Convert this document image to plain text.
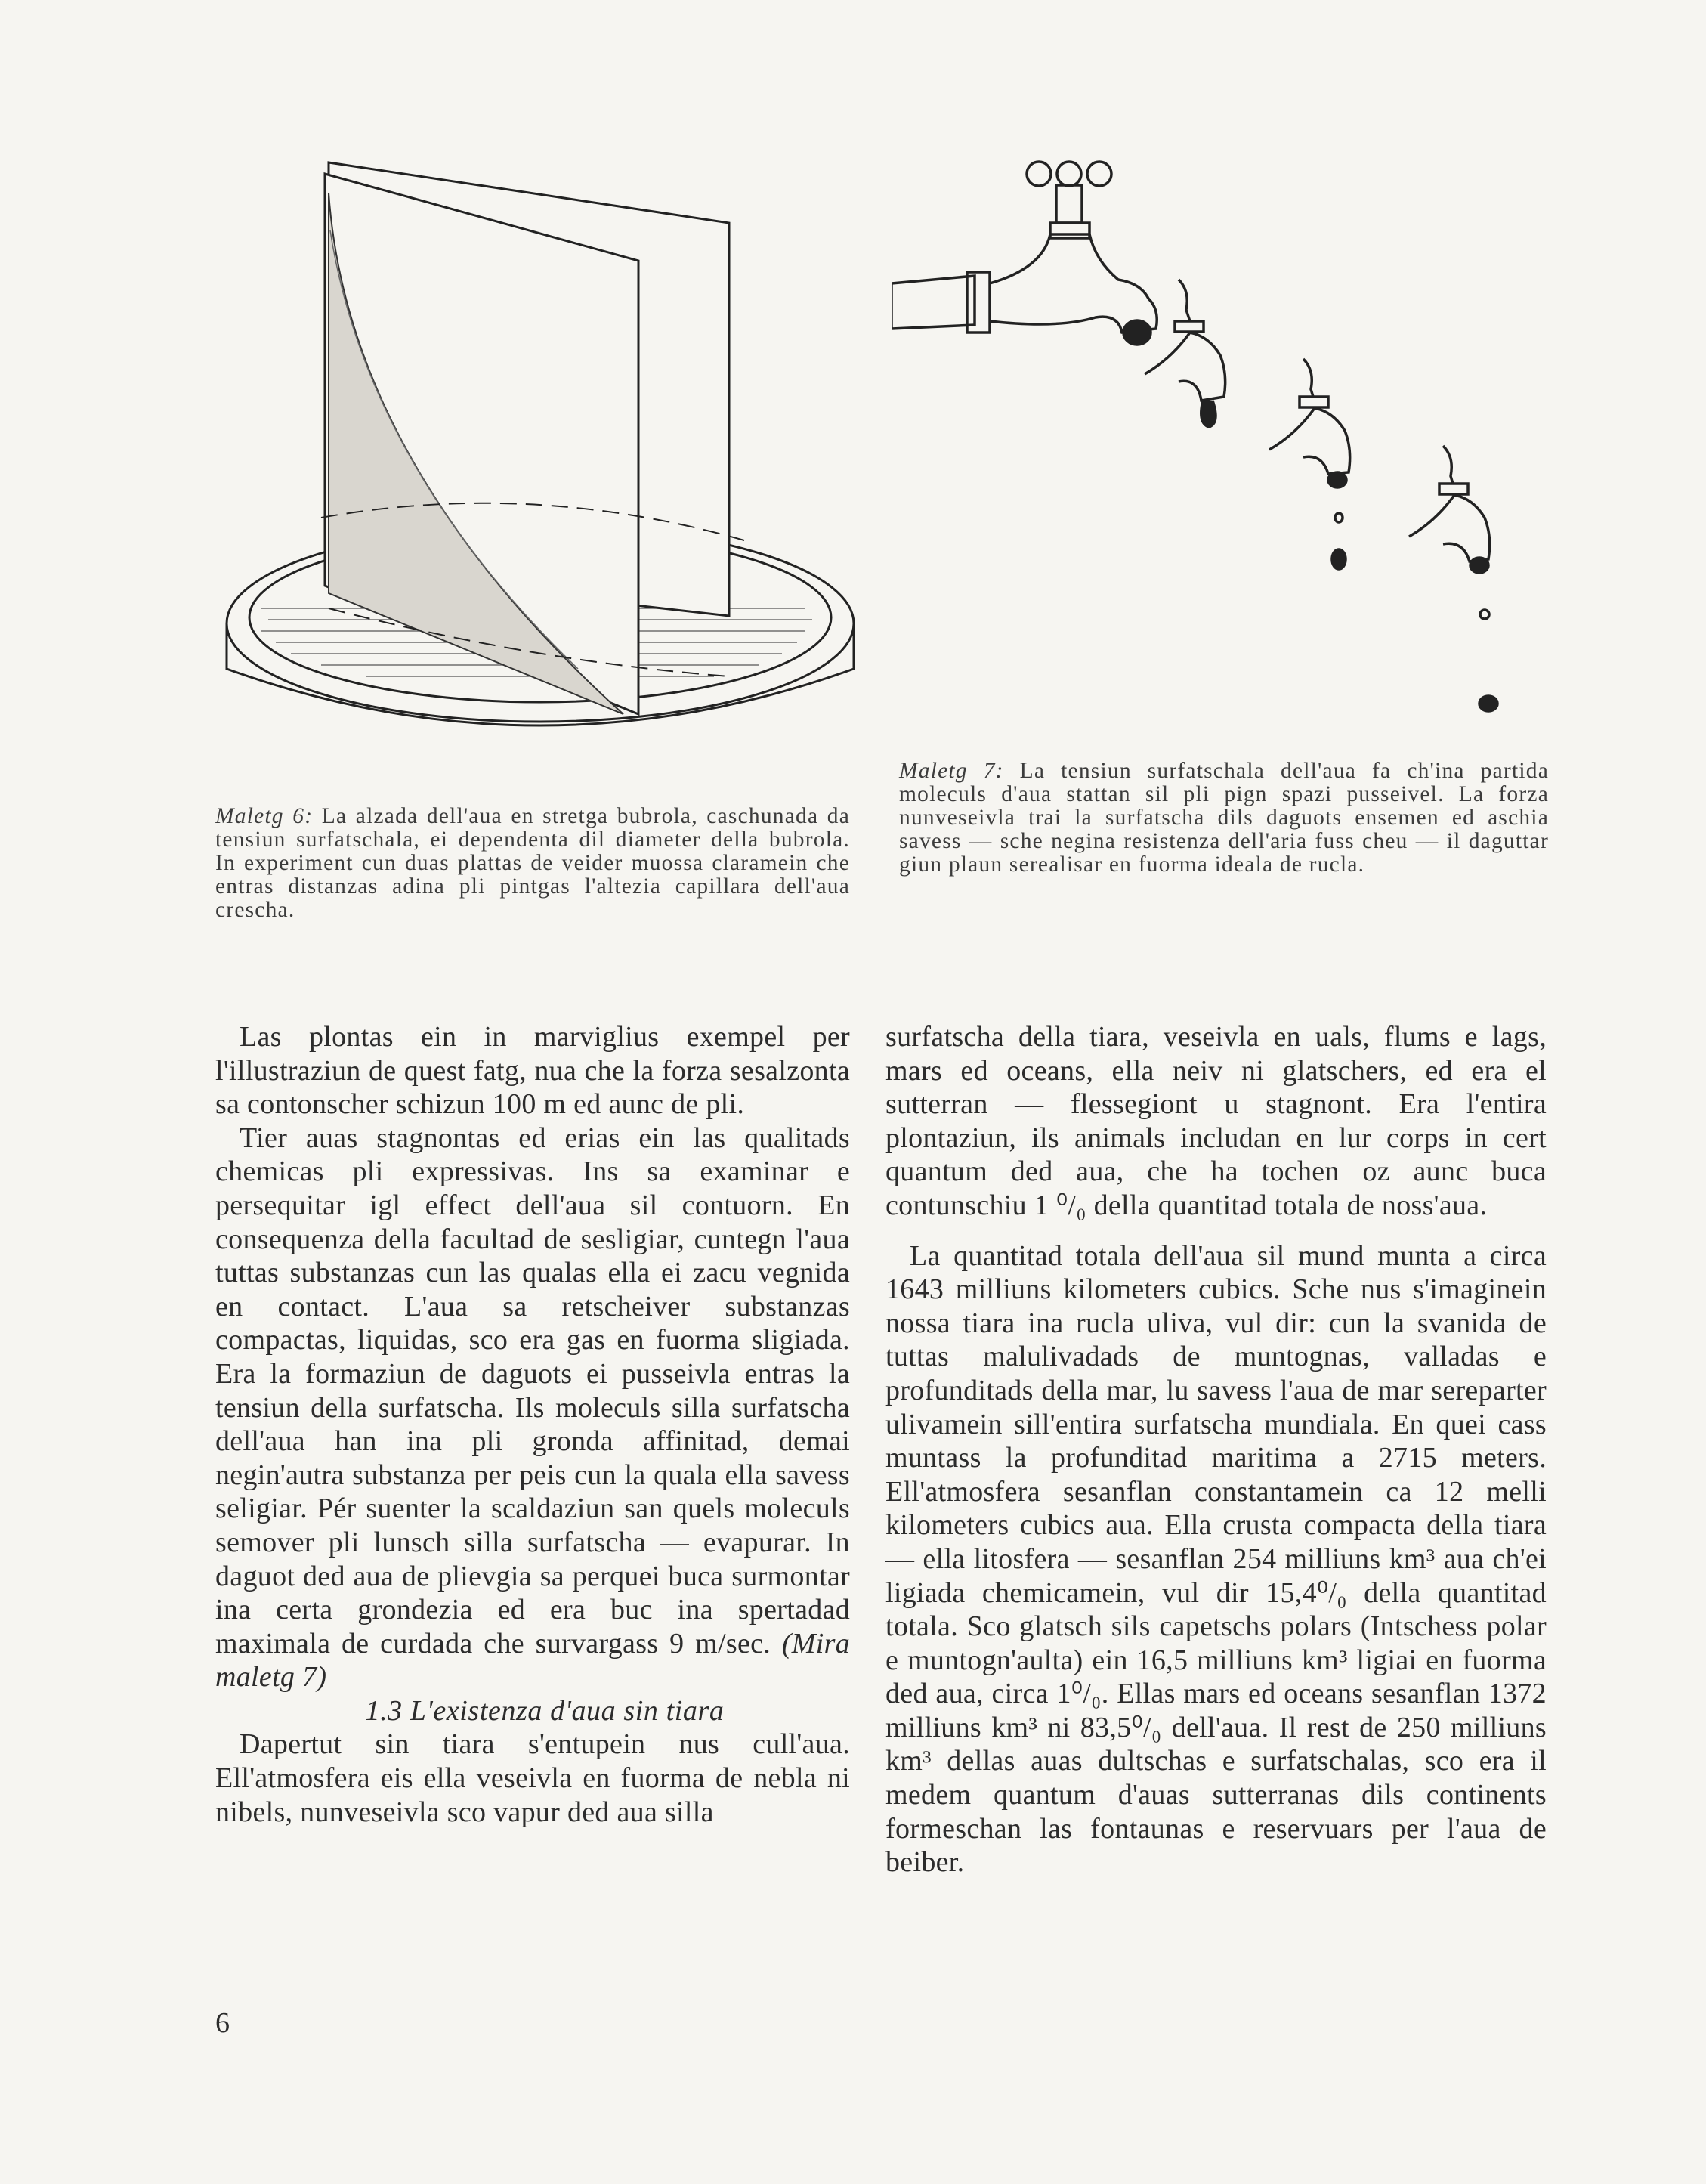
Maletg 6: La alzada dell'aua en stretga bubrola, caschunada da tensiun surfatschala, ei dependenta dil diameter della bubrola. In experiment cun duas plattas de veider muossa claramein che entras distanzas adina pli pintgas l'altezia capillara dell'aua crescha.
Maletg 7: La tensiun surfatschala dell'aua fa ch'ina partida moleculs d'aua stattan sil pli pign spazi pusseivel. La forza nunveseivla trai la surfatscha dils daguots ensemen ed aschia savess — sche negina resistenza dell'aria fuss cheu — il daguttar giun plaun serealisar en fuorma ideala de rucla.

Las plontas ein in marviglius exempel per l'illustraziun de quest fatg, nua che la forza sesalzonta sa contonscher schizun 100 m ed aunc de pli.

Tier auas stagnontas ed erias ein las qualitads chemicas pli expressivas. Ins sa examinar e persequitar igl effect dell'aua sil contuorn. En consequenza della facultad de sesligiar, cuntegn l'aua tuttas substanzas cun las qualas ella ei zacu vegnida en contact. L'aua sa retscheiver substanzas compactas, liquidas, sco era gas en fuorma sligiada. Era la formaziun de daguots ei pusseivla entras la tensiun della surfatscha. Ils moleculs silla surfatscha dell'aua han ina pli gronda affinitad, demai negin'autra substanza per peis cun la quala ella savess seligiar. Pér suenter la scaldaziun san quels moleculs semover pli lunsch silla surfatscha — evapurar. In daguot ded aua de plievgia sa perquei buca surmontar ina certa grondezia ed era buc ina spertadad maximala de curdada che survargass 9 m/sec. (Mira maletg 7)

1.3 L'existenza d'aua sin tiara

Dapertut sin tiara s'entupein nus cull'aua. Ell'atmosfera eis ella veseivla en fuorma de nebla ni nibels, nunveseivla sco vapur ded aua silla

surfatscha della tiara, veseivla en uals, flums e lags, mars ed oceans, ella neiv ni glatschers, ed era el sutterran — flessegiont u stagnont. Era l'entira plontaziun, ils animals includan en lur corps in cert quantum ded aua, che ha tochen oz aunc buca contunschiu 1 ⁰/₀ della quantitad totala de noss'aua.

La quantitad totala dell'aua sil mund munta a circa 1643 milliuns kilometers cubics. Sche nus s'imaginein nossa tiara ina rucla uliva, vul dir: cun la svanida de tuttas malulivadads de muntognas, valladas e profunditads della mar, lu savess l'aua de mar sereparter ulivamein sill'entira surfatscha mundiala. En quei cass muntass la profunditad maritima a 2715 meters. Ell'atmosfera sesanflan constantamein ca 12 melli kilometers cubics aua. Ella crusta compacta della tiara — ella litosfera — sesanflan 254 milliuns km³ aua ch'ei ligiada chemicamein, vul dir 15,4⁰/₀ della quantitad totala. Sco glatsch sils capetschs polars (Intschess polar e muntogn'aulta) ein 16,5 milliuns km³ ligiai en fuorma ded aua, circa 1⁰/₀. Ellas mars ed oceans sesanflan 1372 milliuns km³ ni 83,5⁰/₀ dell'aua. Il rest de 250 milliuns km³ dellas auas dultschas e surfatschalas, sco era il medem quantum d'auas sutterranas dils continents formeschan las fontaunas e reservuars per l'aua de beiber.

6
